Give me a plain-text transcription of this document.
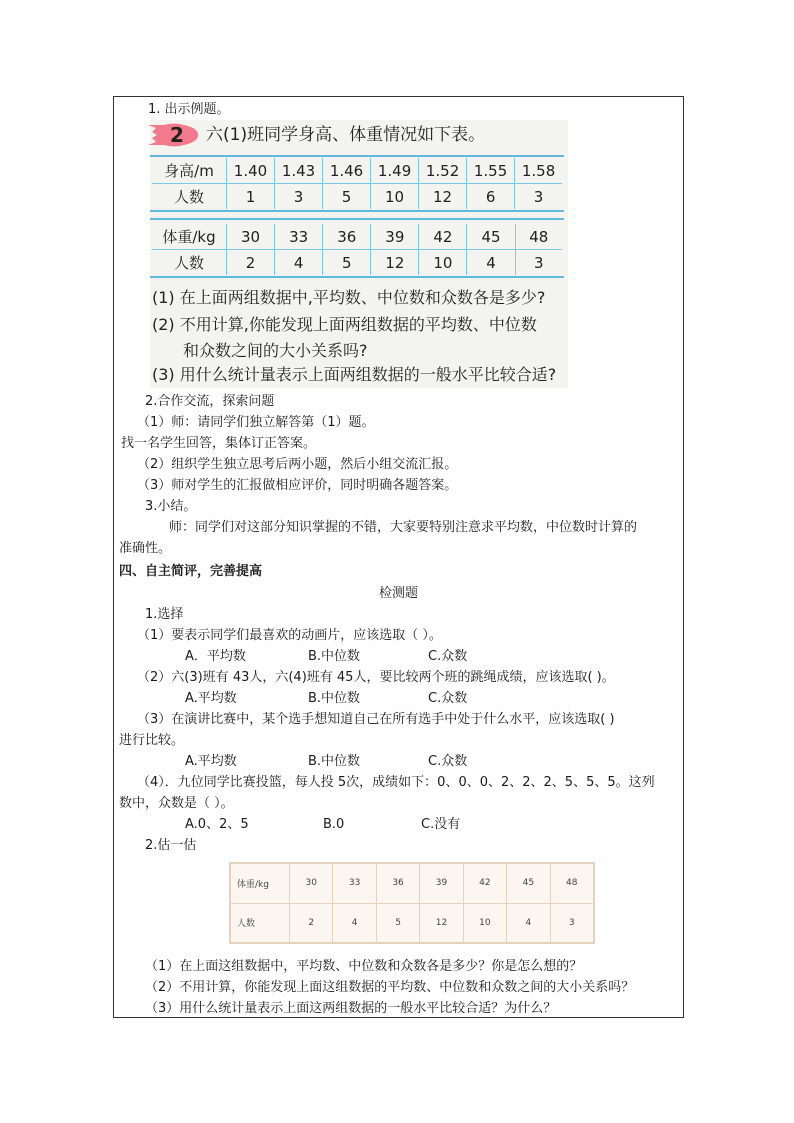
1. 出示例题。
2 六(1)班同学身高、体重情况如下表。
身高/m	1.40	1.43	1.46	1.49	1.52	1.55	1.58
人数	1	3	5	10	12	6	3
体重/kg	30	33	36	39	42	45	48
人数	2	4	5	12	10	4	3
(1) 在上面两组数据中,平均数、中位数和众数各是多少?
(2) 不用计算,你能发现上面两组数据的平均数、中位数
和众数之间的大小关系吗?
(3) 用什么统计量表示上面两组数据的一般水平比较合适?
2.合作交流，探索问题
（1）师：请同学们独立解答第（1）题。
找一名学生回答，集体订正答案。
（2）组织学生独立思考后两小题，然后小组交流汇报。
（3）师对学生的汇报做相应评价，同时明确各题答案。
3.小结。
师：同学们对这部分知识掌握的不错，大家要特别注意求平均数，中位数时计算的
准确性。
四、自主简评，完善提高
检测题
1.选择
（1）要表示同学们最喜欢的动画片，应该选取（ ）。
A．平均数	B.中位数	C.众数
（2）六(3)班有 43人，六(4)班有 45人，要比较两个班的跳绳成绩，应该选取( )。
A.平均数	B.中位数	C.众数
（3）在演讲比赛中，某个选手想知道自己在所有选手中处于什么水平，应该选取( )
进行比较。
A.平均数	B.中位数	C.众数
（4）．九位同学比赛投篮，每人投 5次，成绩如下：0、0、0、2、2、2、5、5、5。这列
数中，众数是（ ）。
A.0、2、5	B.0	C.没有
2.估一估
体重/kg	30	33	36	39	42	45	48
人数	2	4	5	12	10	4	3
（1）在上面这组数据中，平均数、中位数和众数各是多少？你是怎么想的？
（2）不用计算，你能发现上面这组数据的平均数、中位数和众数之间的大小关系吗？
（3）用什么统计量表示上面这两组数据的一般水平比较合适？为什么？
